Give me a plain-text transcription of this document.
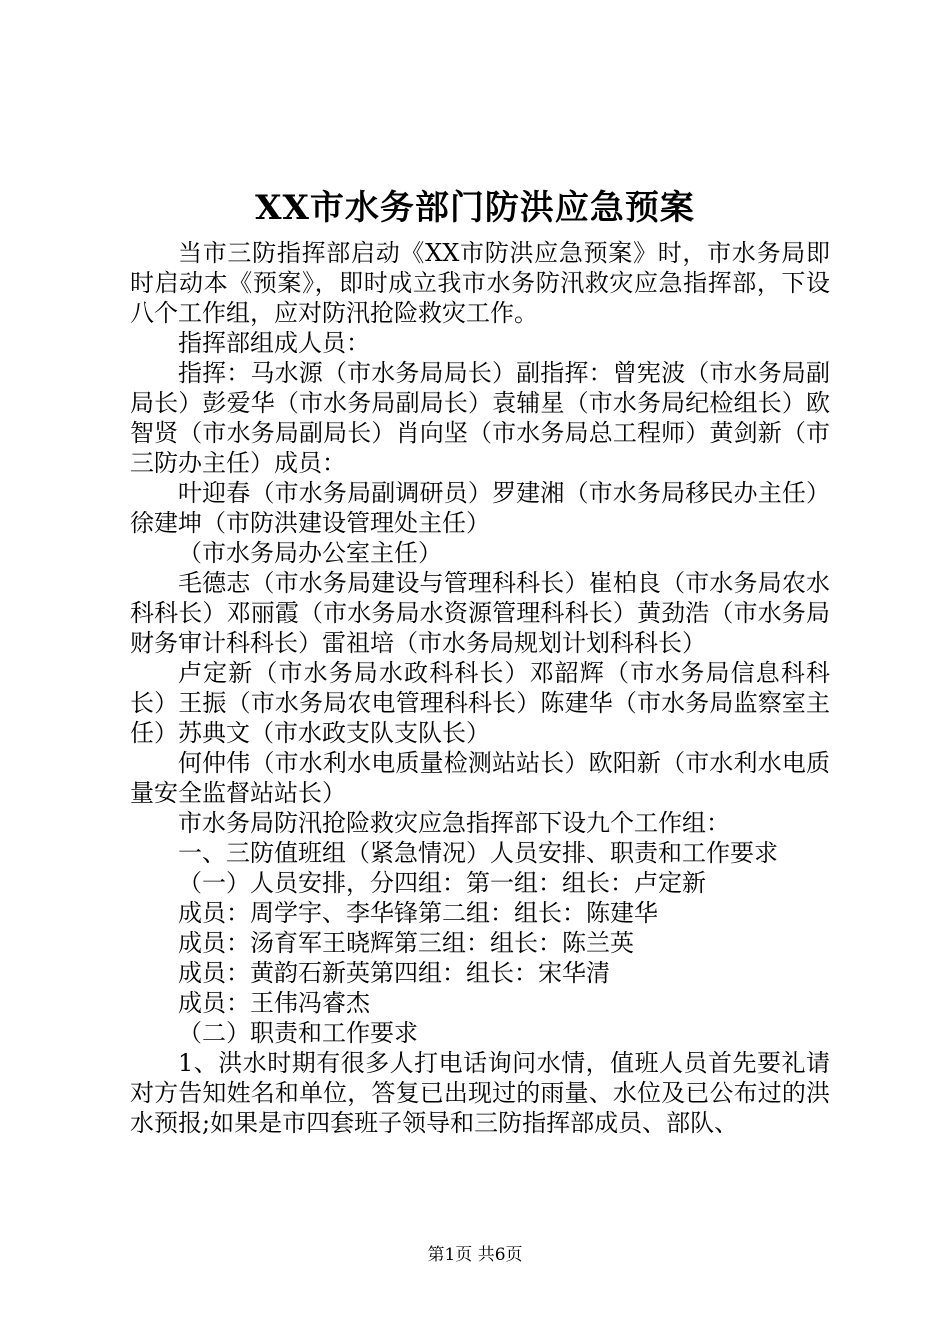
XX市水务部门防洪应急预案

当市三防指挥部启动《XX市防洪应急预案》时，市水务局即时启动本《预案》，即时成立我市水务防汛救灾应急指挥部，下设八个工作组，应对防汛抢险救灾工作。

指挥部组成人员：

指挥：马水源（市水务局局长）副指挥：曾宪波（市水务局副局长）彭爱华（市水务局副局长）袁辅星（市水务局纪检组长）欧智贤（市水务局副局长）肖向坚（市水务局总工程师）黄剑新（市三防办主任）成员：

叶迎春（市水务局副调研员）罗建湘（市水务局移民办主任）徐建坤（市防洪建设管理处主任）

（市水务局办公室主任）

毛德志（市水务局建设与管理科科长）崔柏良（市水务局农水科科长）邓丽霞（市水务局水资源管理科科长）黄劲浩（市水务局财务审计科科长）雷祖培（市水务局规划计划科科长）

卢定新（市水务局水政科科长）邓韶辉（市水务局信息科科长）王振（市水务局农电管理科科长）陈建华（市水务局监察室主任）苏典文（市水政支队支队长）

何仲伟（市水利水电质量检测站站长）欧阳新（市水利水电质量安全监督站站长）

市水务局防汛抢险救灾应急指挥部下设九个工作组：

一、三防值班组（紧急情况）人员安排、职责和工作要求

（一）人员安排，分四组：第一组：组长：卢定新

成员：周学宇、李华锋第二组：组长：陈建华

成员：汤育军王晓辉第三组：组长：陈兰英

成员：黄韵石新英第四组：组长：宋华清

成员：王伟冯睿杰

（二）职责和工作要求

1、洪水时期有很多人打电话询问水情，值班人员首先要礼请对方告知姓名和单位，答复已出现过的雨量、水位及已公布过的洪水预报;如果是市四套班子领导和三防指挥部成员、部队、

第1页 共6页
